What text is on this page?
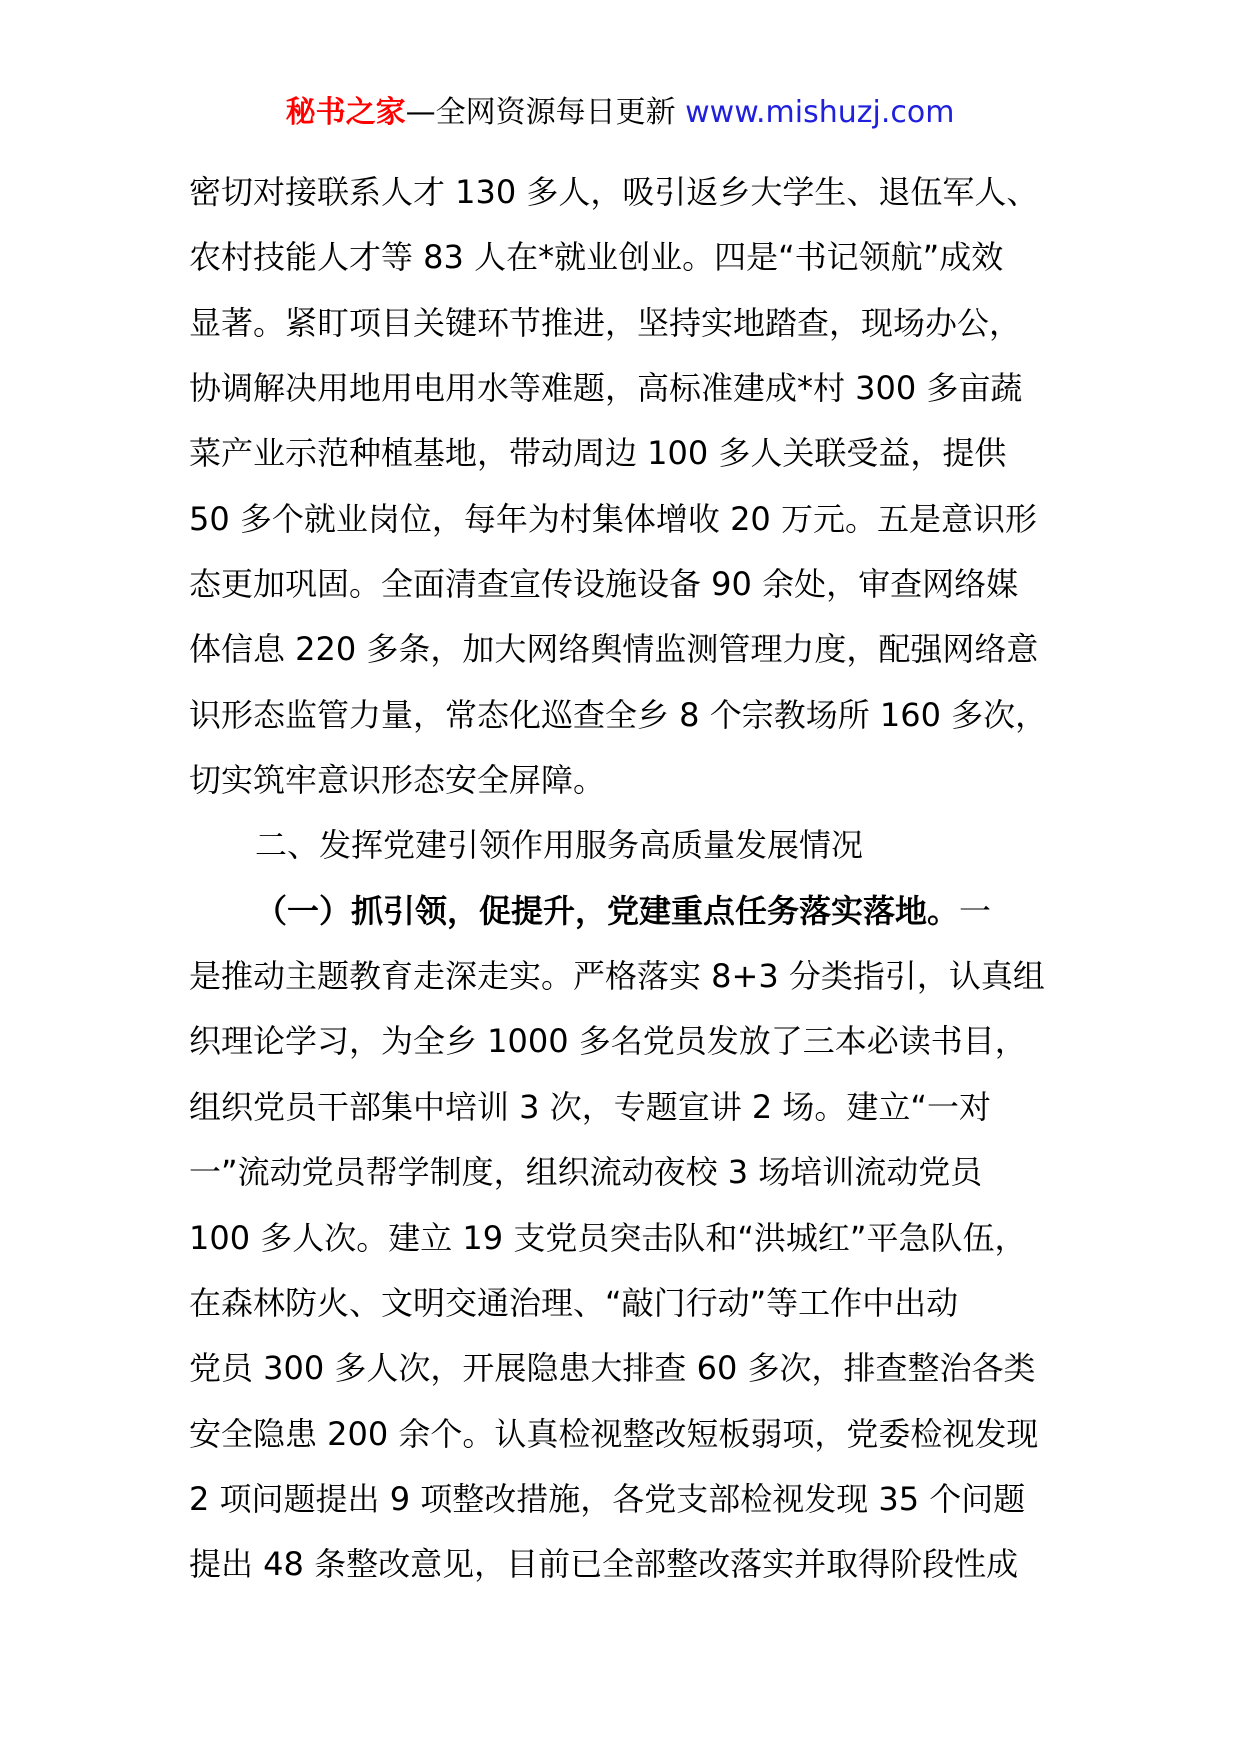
秘书之家—全网资源每日更新 www.mishuzj.com
密切对接联系人才 130 多人，吸引返乡大学生、退伍军人、
农村技能人才等 83 人在*就业创业。四是“书记领航”成效
显著。紧盯项目关键环节推进，坚持实地踏查，现场办公，
协调解决用地用电用水等难题，高标准建成*村 300 多亩蔬
菜产业示范种植基地，带动周边 100 多人关联受益，提供
50 多个就业岗位，每年为村集体增收 20 万元。五是意识形
态更加巩固。全面清查宣传设施设备 90 余处，审查网络媒
体信息 220 多条，加大网络舆情监测管理力度，配强网络意
识形态监管力量，常态化巡查全乡 8 个宗教场所 160 多次，
切实筑牢意识形态安全屏障。
二、发挥党建引领作用服务高质量发展情况
（一）抓引领，促提升，党建重点任务落实落地。一
是推动主题教育走深走实。严格落实 8+3 分类指引，认真组
织理论学习，为全乡 1000 多名党员发放了三本必读书目，
组织党员干部集中培训 3 次，专题宣讲 2 场。建立“一对
一”流动党员帮学制度，组织流动夜校 3 场培训流动党员
100 多人次。建立 19 支党员突击队和“洪城红”平急队伍，
在森林防火、文明交通治理、“敲门行动”等工作中出动
党员 300 多人次，开展隐患大排查 60 多次，排查整治各类
安全隐患 200 余个。认真检视整改短板弱项，党委检视发现
2 项问题提出 9 项整改措施，各党支部检视发现 35 个问题
提出 48 条整改意见，目前已全部整改落实并取得阶段性成
